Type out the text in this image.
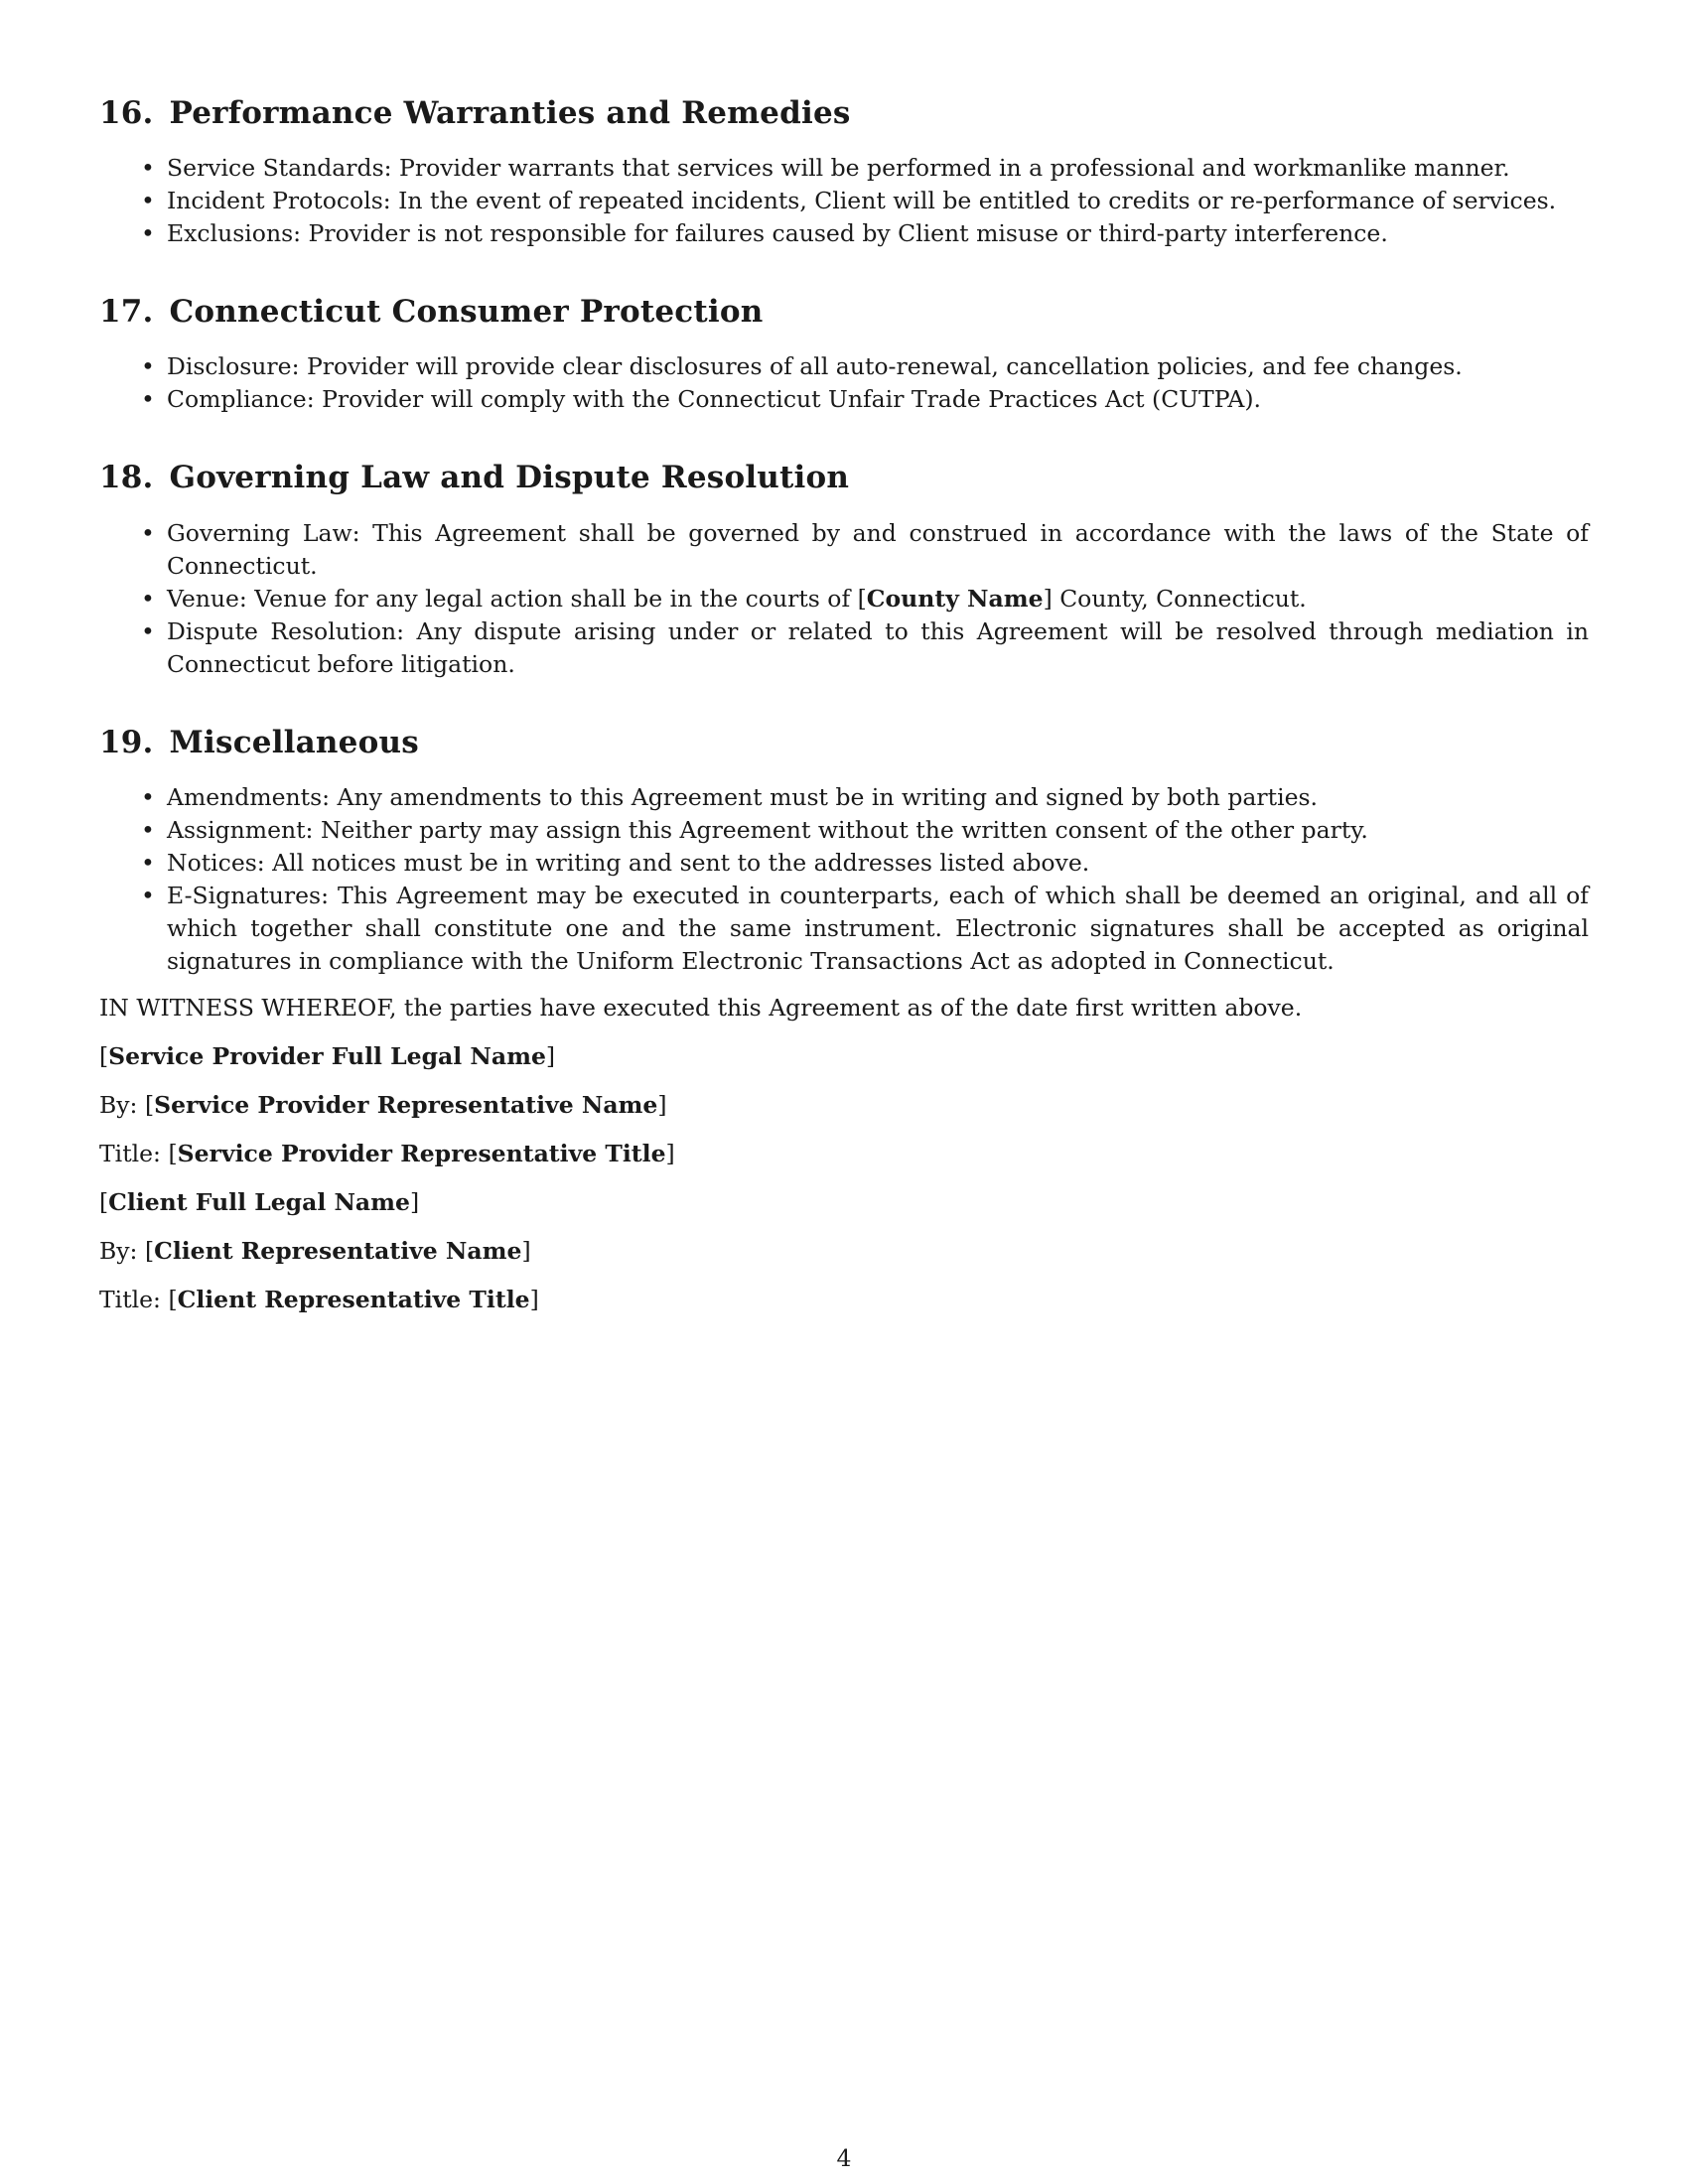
16. Performance Warranties and Remedies
• Service Standards: Provider warrants that services will be performed in a professional and workmanlike manner.
• Incident Protocols: In the event of repeated incidents, Client will be entitled to credits or re-performance of services.
• Exclusions: Provider is not responsible for failures caused by Client misuse or third-party interference.
17. Connecticut Consumer Protection
• Disclosure: Provider will provide clear disclosures of all auto-renewal, cancellation policies, and fee changes.
• Compliance: Provider will comply with the Connecticut Unfair Trade Practices Act (CUTPA).
18. Governing Law and Dispute Resolution
• Governing Law: This Agreement shall be governed by and construed in accordance with the laws of the State of Connecticut.
• Venue: Venue for any legal action shall be in the courts of [County Name] County, Connecticut.
• Dispute Resolution: Any dispute arising under or related to this Agreement will be resolved through mediation in Connecticut before litigation.
19. Miscellaneous
• Amendments: Any amendments to this Agreement must be in writing and signed by both parties.
• Assignment: Neither party may assign this Agreement without the written consent of the other party.
• Notices: All notices must be in writing and sent to the addresses listed above.
• E-Signatures: This Agreement may be executed in counterparts, each of which shall be deemed an original, and all of which together shall constitute one and the same instrument. Electronic signatures shall be accepted as original signatures in compliance with the Uniform Electronic Transactions Act as adopted in Connecticut.

IN WITNESS WHEREOF, the parties have executed this Agreement as of the date first written above.

[Service Provider Full Legal Name]

By: [Service Provider Representative Name]

Title: [Service Provider Representative Title]

[Client Full Legal Name]

By: [Client Representative Name]

Title: [Client Representative Title]

4
